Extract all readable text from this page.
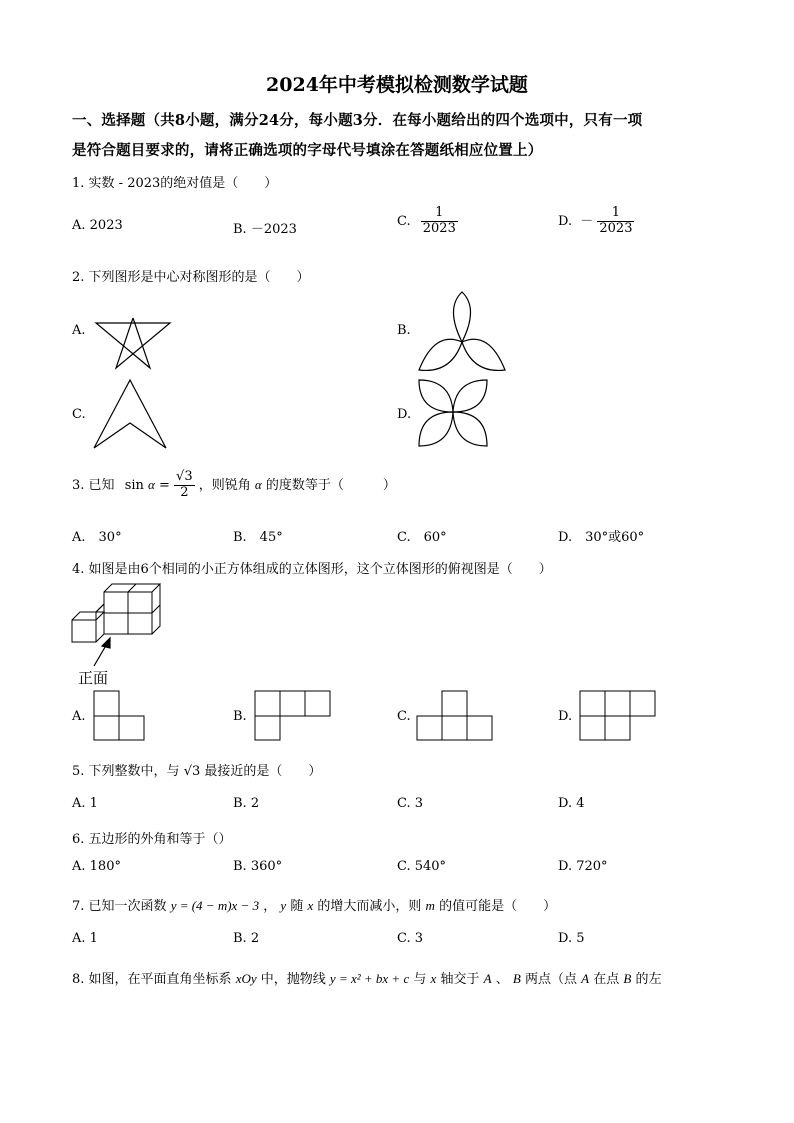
2024年中考模拟检测数学试题
一、选择题（共8小题，满分24分，每小题3分．在每小题给出的四个选项中，只有一项
是符合题目要求的，请将正确选项的字母代号填涂在答题纸相应位置上）
1. 实数 - 2023的绝对值是（　　）
A. 2023	B. －2023
C. $\frac{1}{2023}$	D. － $\frac{1}{2023}$
2. 下列图形是中心对称图形的是（　　）
A.	B.
C.	D.
3. 已知 $\sin \alpha = \frac{√3}{2}$ ，则锐角 α 的度数等于（　　　）
A.　30°	B.　45°	C.　60°	D.　30°或60°
4. 如图是由6个相同的小正方体组成的立体图形，这个立体图形的俯视图是（　　）
正面
A.	B.	C.	D.
5. 下列整数中，与 √3 最接近的是（　　）
A. 1	B. 2	C. 3	D. 4
6. 五边形的外角和等于（）
A. 180°	B. 360°	C. 540°	D. 720°
7. 已知一次函数 y = (4 − m)x − 3 ， y 随 x 的增大而减小，则 m 的值可能是（　　）
A. 1	B. 2	C. 3	D. 5
8. 如图，在平面直角坐标系 xOy 中，抛物线 y = x² + bx + c 与 x 轴交于 A 、 B 两点（点 A 在点 B 的左
